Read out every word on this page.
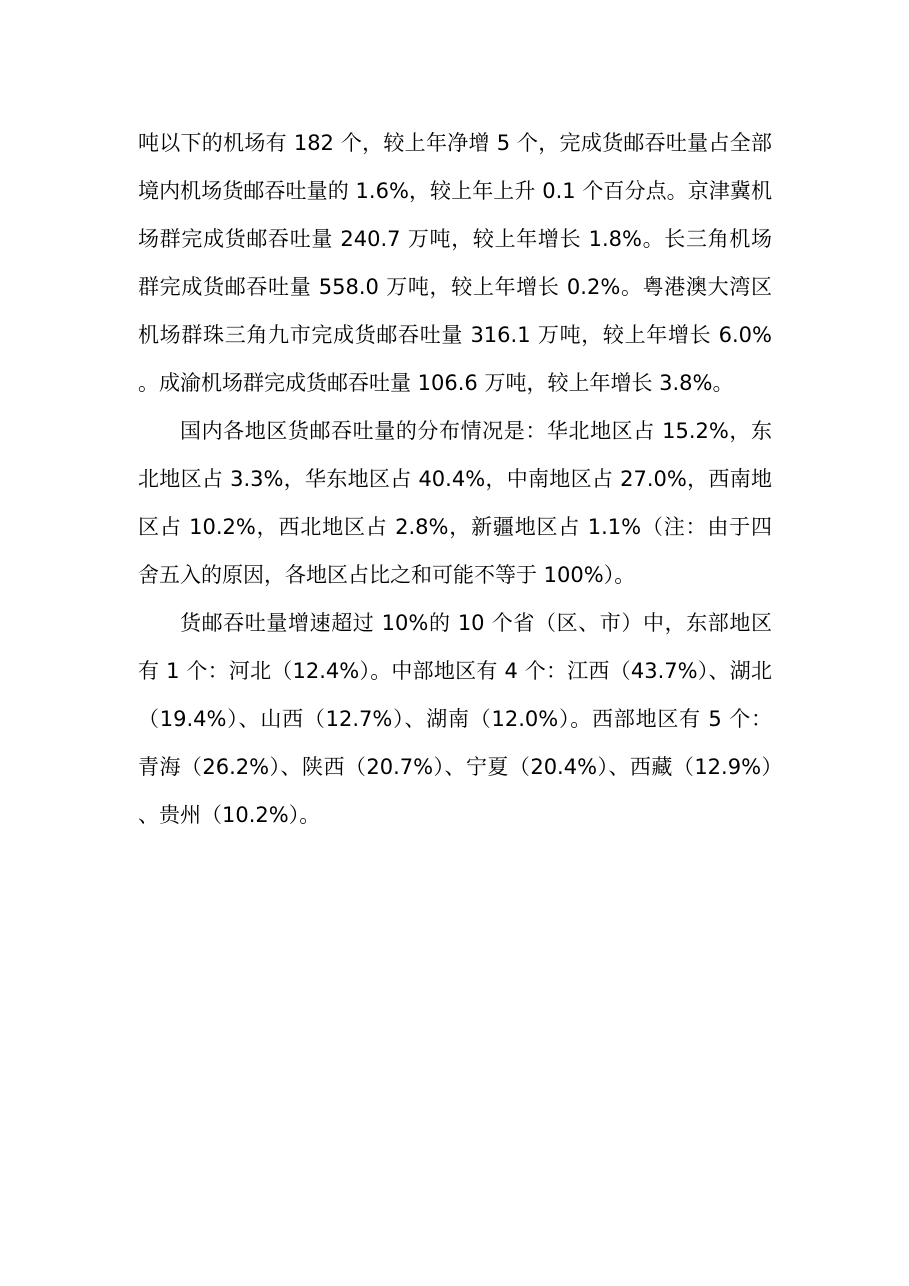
吨以下的机场有 182 个，较上年净增 5 个，完成货邮吞吐量占全部境内机场货邮吞吐量的 1.6%，较上年上升 0.1 个百分点。京津冀机场群完成货邮吞吐量 240.7 万吨，较上年增长 1.8%。长三角机场群完成货邮吞吐量 558.0 万吨，较上年增长 0.2%。粤港澳大湾区机场群珠三角九市完成货邮吞吐量 316.1 万吨，较上年增长 6.0%。成渝机场群完成货邮吞吐量 106.6 万吨，较上年增长 3.8%。

国内各地区货邮吞吐量的分布情况是：华北地区占 15.2%，东北地区占 3.3%，华东地区占 40.4%，中南地区占 27.0%，西南地区占 10.2%，西北地区占 2.8%，新疆地区占 1.1%（注：由于四舍五入的原因，各地区占比之和可能不等于 100%）。

货邮吞吐量增速超过 10%的 10 个省（区、市）中，东部地区有 1 个：河北（12.4%）。中部地区有 4 个：江西（43.7%）、湖北（19.4%）、山西（12.7%）、湖南（12.0%）。西部地区有 5 个：青海（26.2%）、陕西（20.7%）、宁夏（20.4%）、西藏（12.9%）、贵州（10.2%）。
